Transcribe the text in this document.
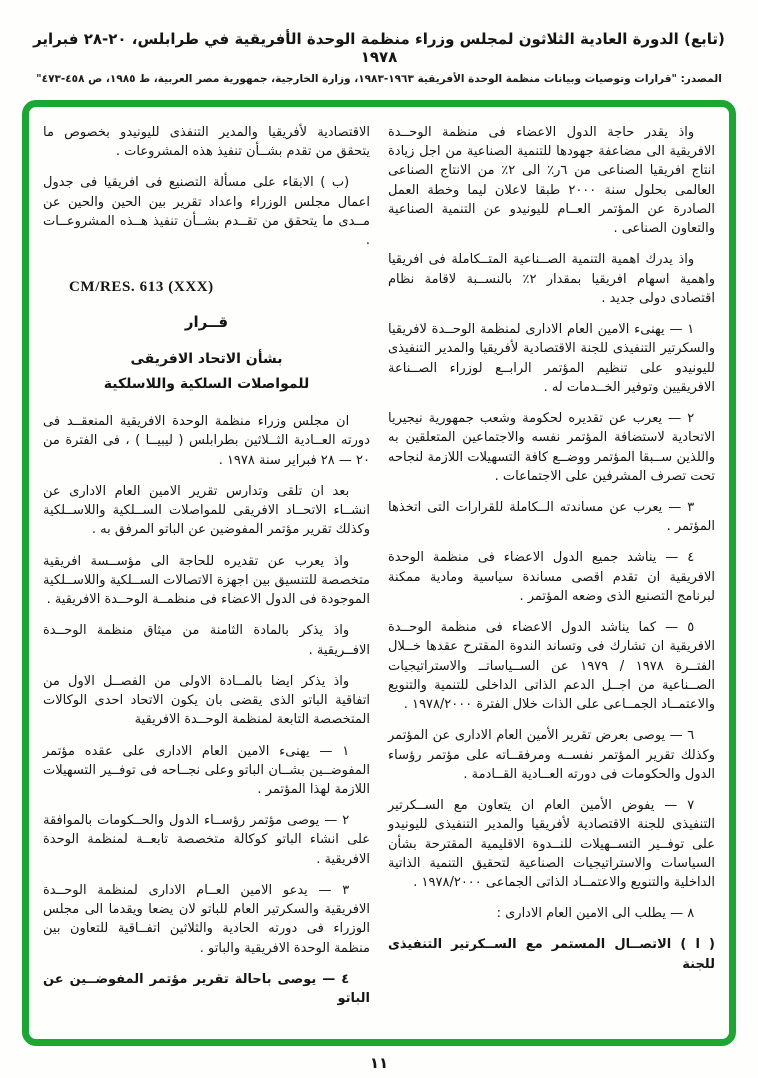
(تابع) الدورة العادية الثلاثون لمجلس وزراء منظمة الوحدة الأفريقية في طرابلس، ٢٠-٢٨ فبراير ١٩٧٨
المصدر: "قرارات وتوصيات وبيانات منظمة الوحدة الأفريقية ١٩٦٣-١٩٨٣، وزارة الخارجية، جمهورية مصر العربية، ط ١٩٨٥، ص ٤٥٨-٤٧٣"

واذ يقدر حاجة الدول الاعضاء فى منظمة الوحــدة الافريقية الى مضاعفة جهودها للتنمية الصناعية من اجل زيادة انتاج افريقيا الصناعى من ٦ر٪ الى ٢٪ من الانتاج الصناعى العالمى بحلول سنة ٢٠٠٠ طبقا لاعلان ليما وخطة العمل الصادرة عن المؤتمر العــام لليونيدو عن التنمية الصناعية والتعاون الصناعى .

واذ يدرك اهمية التنمية الصــناعية المتــكاملة فى افريقيا واهمية اسهام افريقيا بمقدار ٢٪ بالنســبة لاقامة نظام اقتصادى دولى جديد .

١ — يهنىء الامين العام الادارى لمنظمة الوحــدة لافريقيا والسكرتير التنفيذى للجنة الاقتصادية لأفريقيا والمدير التنفيذى لليونيدو على تنظيم المؤتمر الرابــع لوزراء الصــناعة الافريقيين وتوفير الخــدمات له .

٢ — يعرب عن تقديره لحكومة وشعب جمهورية نيجيريا الاتحادية لاستضافة المؤتمر نفسه والاجتماعين المتعلقين به واللذين ســبقا المؤتمر ووضــع كافة التسهيلات اللازمة لنجاحه تحت تصرف المشرفين على الاجتماعات .

٣ — يعرب عن مساندته الــكاملة للقرارات التى اتخذها المؤتمر .

٤ — يناشد جميع الدول الاعضاء فى منظمة الوحدة الافريقية ان تقدم اقصى مساندة سياسية ومادية ممكنة لبرنامج التصنيع الذى وضعه المؤتمر .

٥ — كما يناشد الدول الاعضاء فى منظمة الوحــدة الافريقية ان تشارك فى وتساند الندوة المقترح عقدها خــلال الفتــرة ١٩٧٨ / ١٩٧٩ عن الســياساتــ والاستراتيجيات الصــناعية من اجــل الدعم الذاتى الداخلى للتنمية والتنويع والاعتمــاد الجمــاعى على الذات خلال الفترة ١٩٧٨/٢٠٠٠ .

٦ — يوصى بعرض تقرير الأمين العام الادارى عن المؤتمر وكذلك تقرير المؤتمر نفســه ومرفقــاته على مؤتمر رؤساء الدول والحكومات فى دورته العــادية القــادمة .

٧ — يفوض الأمين العام ان يتعاون مع الســكرتير التنفيذى للجنة الاقتصادية لأفريقيا والمدير التنفيذى لليونيدو على توفــير التســهيلات للنــدوة الاقليمية المقترحة بشأن السياسات والاستراتيجيات الصناعية لتحقيق التنمية الذاتية الداخلية والتنويع والاعتمــاد الذاتى الجماعى ١٩٧٨/٢٠٠٠ .

٨ — يطلب الى الامين العام الادارى :

( ا ) الاتصــال المستمر مع الســكرتير التنفيذى للجنة

الاقتصادية لأفريقيا والمدير التنفذى لليونيدو بخصوص ما يتحقق من تقدم بشــأن تنفيذ هذه المشروعات .

(ب ) الابقاء على مسألة التصنيع فى افريقيا فى جدول اعمال مجلس الوزراء واعداد تقرير بين الحين والحين عن مــدى ما يتحقق من تقــدم بشــأن تنفيذ هــذه المشروعــات .

CM/RES. 613 (XXX)
قــرار
بشأن الاتحاد الافريقى
للمواصلات السلكية واللاسلكية

ان مجلس وزراء منظمة الوحدة الافريقية المنعقــد فى دورته العــادية الثــلاثين بطرابلس ( ليبيــا ) ، فى الفترة من ٢٠ — ٢٨ فبراير سنة ١٩٧٨ .

بعد ان تلقى وتدارس تقرير الامين العام الادارى عن انشــاء الاتحــاد الافريقى للمواصلات الســلكية واللاســلكية وكذلك تقرير مؤتمر المفوضين عن الباتو المرفق به .

واذ يعرب عن تقديره للحاجة الى مؤســسة افريقية متخصصة للتنسيق بين اجهزة الاتصالات الســلكية واللاســلكية الموجودة فى الدول الاعضاء فى منظمــة الوحــدة الافريقية .

واذ يذكر بالمادة الثامنة من ميثاق منظمة الوحــدة الافــريقية .

واذ يذكر ايضا بالمــادة الاولى من الفصــل الاول من اتفاقية الباتو الذى يقضى بان يكون الاتحاد احدى الوكالات المتخصصة التابعة لمنظمة الوحــدة الافريقية

١ — يهنىء الامين العام الادارى على عقده مؤتمر المفوضــين بشــان الباتو وعلى نجــاحه فى توفــير التسهيلات اللازمة لهذا المؤتمر .

٢ — يوصى مؤتمر رؤســاء الدول والحــكومات بالموافقة على انشاء الباتو كوكالة متخصصة تابعــة لمنظمة الوحدة الافريقية .

٣ — يدعو الامين العــام الادارى لمنظمة الوحــدة الافريقية والسكرتير العام للباتو لان يضعا ويقدما الى مجلس الوزراء فى دورته الحادية والثلاثين اتفــاقية للتعاون بين منظمة الوحدة الافريقية والباتو .

٤ — يوصى باحالة تقرير مؤتمر المفوضــين عن الباتو

١١
